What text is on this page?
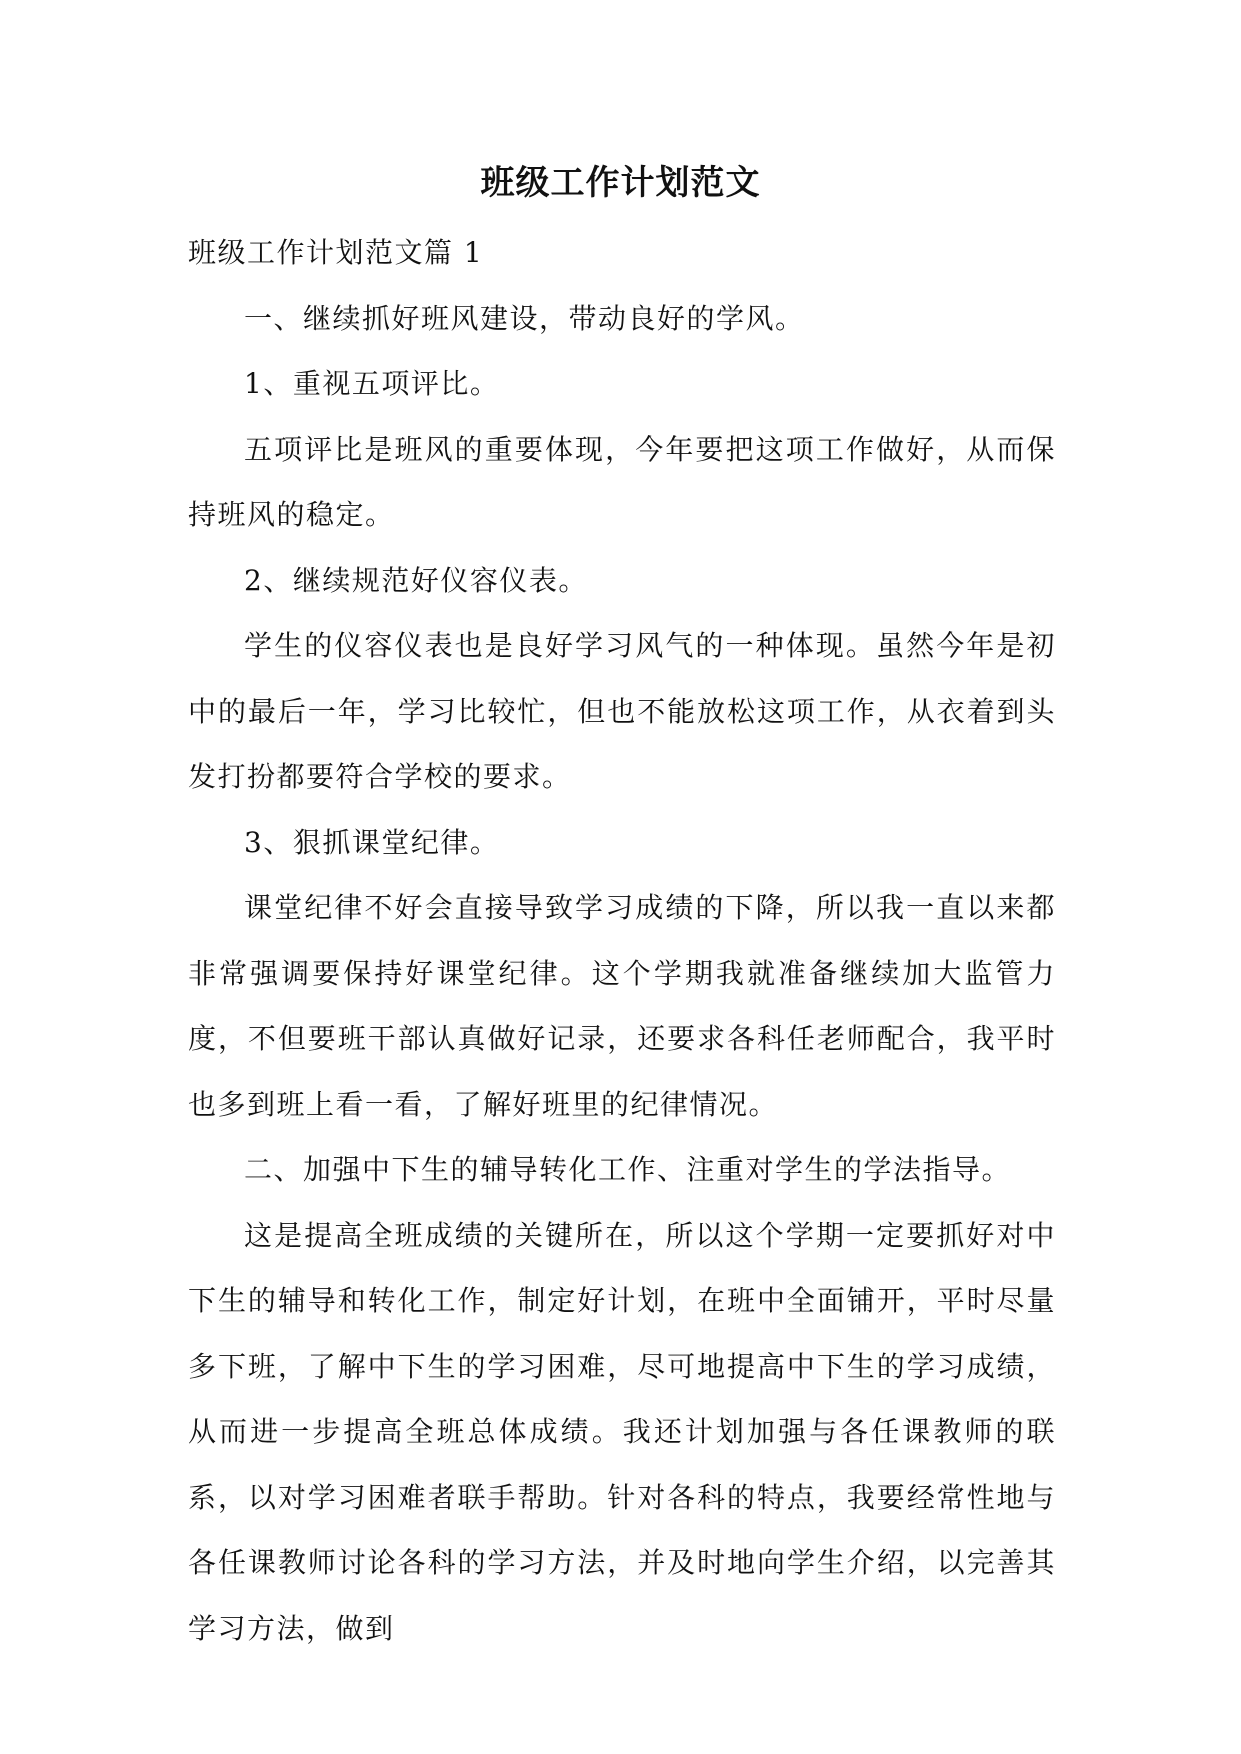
班级工作计划范文

班级工作计划范文篇 1

一、继续抓好班风建设，带动良好的学风。

1、重视五项评比。

五项评比是班风的重要体现，今年要把这项工作做好，从而保持班风的稳定。

2、继续规范好仪容仪表。

学生的仪容仪表也是良好学习风气的一种体现。虽然今年是初中的最后一年，学习比较忙，但也不能放松这项工作，从衣着到头发打扮都要符合学校的要求。

3、狠抓课堂纪律。

课堂纪律不好会直接导致学习成绩的下降，所以我一直以来都非常强调要保持好课堂纪律。这个学期我就准备继续加大监管力度，不但要班干部认真做好记录，还要求各科任老师配合，我平时也多到班上看一看，了解好班里的纪律情况。

二、加强中下生的辅导转化工作、注重对学生的学法指导。

这是提高全班成绩的关键所在，所以这个学期一定要抓好对中下生的辅导和转化工作，制定好计划，在班中全面铺开，平时尽量多下班，了解中下生的学习困难，尽可地提高中下生的学习成绩，从而进一步提高全班总体成绩。我还计划加强与各任课教师的联系，以对学习困难者联手帮助。针对各科的特点，我要经常性地与各任课教师讨论各科的学习方法，并及时地向学生介绍，以完善其学习方法，做到
